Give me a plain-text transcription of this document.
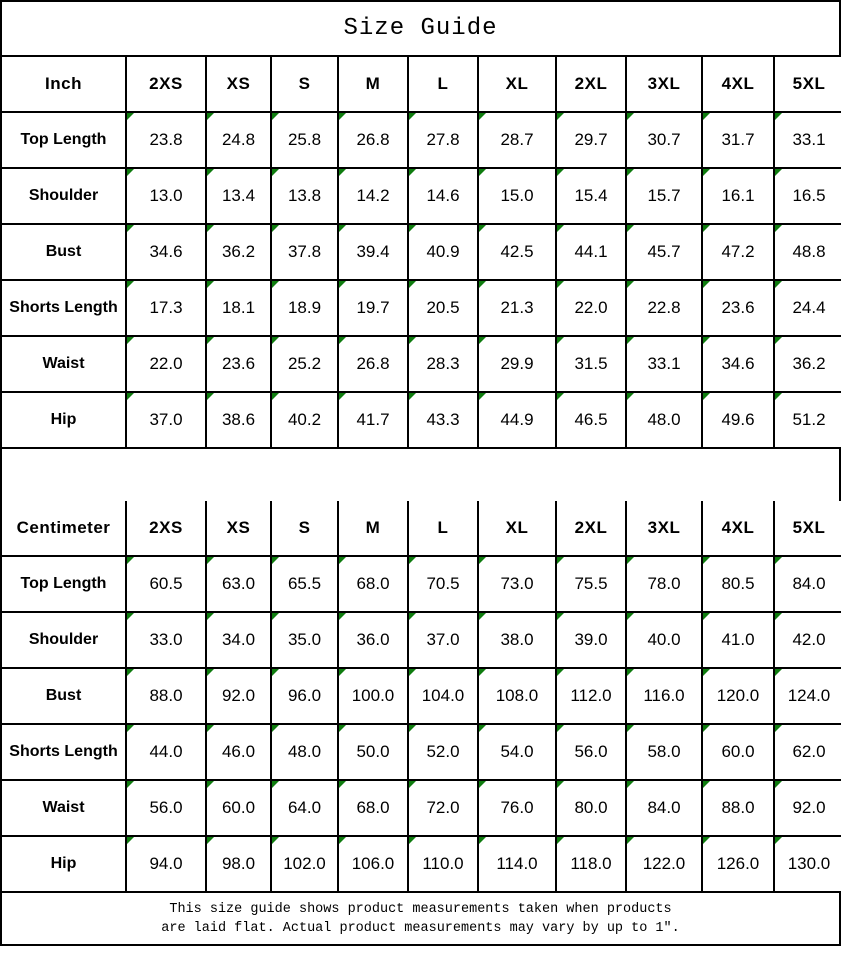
Size Guide
Inch	2XS	XS	S	M	L	XL	2XL	3XL	4XL	5XL
Top Length	23.8	24.8	25.8	26.8	27.8	28.7	29.7	30.7	31.7	33.1

Shoulder	13.0	13.4	13.8	14.2	14.6	15.0	15.4	15.7	16.1	16.5

Bust	34.6	36.2	37.8	39.4	40.9	42.5	44.1	45.7	47.2	48.8

Shorts Length	17.3	18.1	18.9	19.7	20.5	21.3	22.0	22.8	23.6	24.4

Waist	22.0	23.6	25.2	26.8	28.3	29.9	31.5	33.1	34.6	36.2

Hip	37.0	38.6	40.2	41.7	43.3	44.9	46.5	48.0	49.6	51.2
Centimeter	2XS	XS	S	M	L	XL	2XL	3XL	4XL	5XL
Top Length	60.5	63.0	65.5	68.0	70.5	73.0	75.5	78.0	80.5	84.0

Shoulder	33.0	34.0	35.0	36.0	37.0	38.0	39.0	40.0	41.0	42.0

Bust	88.0	92.0	96.0	100.0	104.0	108.0	112.0	116.0	120.0	124.0

Shorts Length	44.0	46.0	48.0	50.0	52.0	54.0	56.0	58.0	60.0	62.0

Waist	56.0	60.0	64.0	68.0	72.0	76.0	80.0	84.0	88.0	92.0

Hip	94.0	98.0	102.0	106.0	110.0	114.0	118.0	122.0	126.0	130.0
This size guide shows product measurements taken when products
are laid flat. Actual product measurements may vary by up to 1″.
